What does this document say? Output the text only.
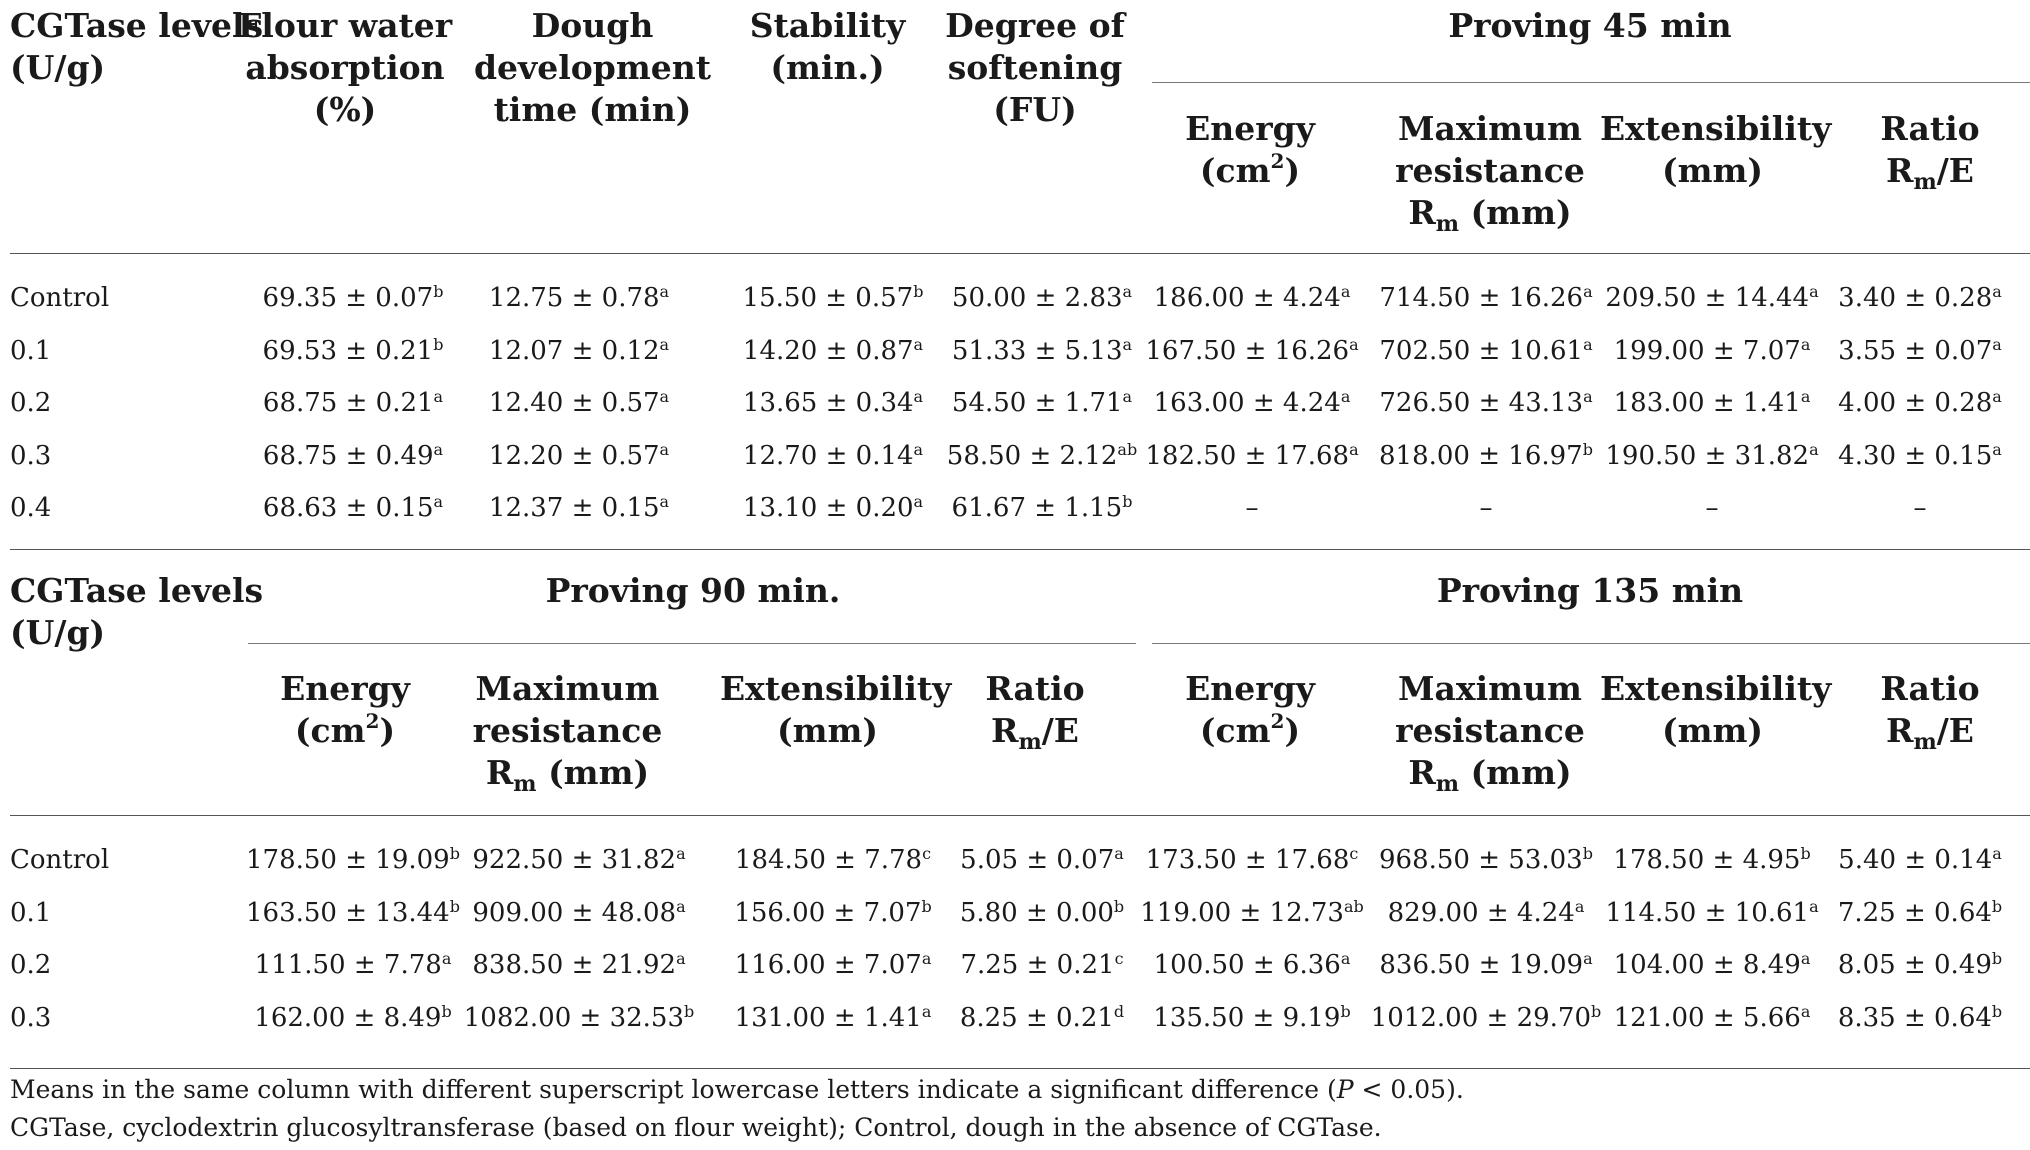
CGTase levels
(U/g)
Flour water
absorption
(%)
Dough
development
time (min)
Stability
(min.)
Degree of
softening
(FU)
Proving 45 min
Energy
$(cm^2)$
Maximum
resistance
$R_m$ (mm)
Extensibility
(mm)
Ratio
$R_m/E$
Control	69.35 ± 0.07$^b$	12.75 ± 0.78$^a$	15.50 ± 0.57$^b$	50.00 ± 2.83$^a$ 186.00 ± 4.24$^a$	714.50 ± 16.26$^a$ 209.50 ± 14.44$^a$ 3.40 ± 0.28$^a$
0.1	69.53 ± 0.21$^b$	12.07 ± 0.12$^a$	14.20 ± 0.87$^a$	51.33 ± 5.13$^a$ 167.50 ± 16.26$^a$ 702.50 ± 10.61$^a$ 199.00 ± 7.07$^a$	3.55 ± 0.07$^a$
0.2	68.75 ± 0.21$^a$	12.40 ± 0.57$^a$	13.65 ± 0.34$^a$	54.50 ± 1.71$^a$ 163.00 ± 4.24$^a$	726.50 ± 43.13$^a$ 183.00 ± 1.41$^a$	4.00 ± 0.28$^a$
0.3	68.75 ± 0.49$^a$	12.20 ± 0.57$^a$	12.70 ± 0.14$^a$ 58.50 ± 2.12$^{ab}$ 182.50 ± 17.68$^a$ 818.00 ± 16.97$^b$ 190.50 ± 31.82$^a$ 4.30 ± 0.15$^a$
0.4	68.63 ± 0.15$^a$	12.37 ± 0.15$^a$	13.10 ± 0.20$^a$	61.67 ± 1.15$^b$	–	–	–	–
CGTase levels
(U/g)
Proving 90 min.	Proving 135 min
Energy
$(cm^2)$
Maximum
resistance
$R_m$ (mm)
Extensibility
(mm)
Ratio
$R_m/E$
Energy
$(cm^2)$
Maximum
resistance
$R_m$ (mm)
Extensibility
(mm)
Ratio
$R_m/E$
Control	178.50 ± 19.09$^b$ 922.50 ± 31.82$^a$	184.50 ± 7.78$^c$	5.05 ± 0.07$^a$ 173.50 ± 17.68$^c$ 968.50 ± 53.03$^b$ 178.50 ± 4.95$^b$	5.40 ± 0.14$^a$
0.1	163.50 ± 13.44$^b$ 909.00 ± 48.08$^a$	156.00 ± 7.07$^b$	5.80 ± 0.00$^b$ 119.00 ± 12.73$^{ab}$ 829.00 ± 4.24$^a$ 114.50 ± 10.61$^a$ 7.25 ± 0.64$^b$
0.2	111.50 ± 7.78$^a$ 838.50 ± 21.92$^a$	116.00 ± 7.07$^a$	7.25 ± 0.21$^c$	100.50 ± 6.36$^a$	836.50 ± 19.09$^a$ 104.00 ± 8.49$^a$	8.05 ± 0.49$^b$
0.3	162.00 ± 8.49$^b$ 1082.00 ± 32.53$^b$	131.00 ± 1.41$^a$	8.25 ± 0.21$^d$	135.50 ± 9.19$^b$ 1012.00 ± 29.70$^b$ 121.00 ± 5.66$^a$	8.35 ± 0.64$^b$
Means in the same column with different superscript lowercase letters indicate a significant difference (P < 0.05).
CGTase, cyclodextrin glucosyltransferase (based on flour weight); Control, dough in the absence of CGTase.
